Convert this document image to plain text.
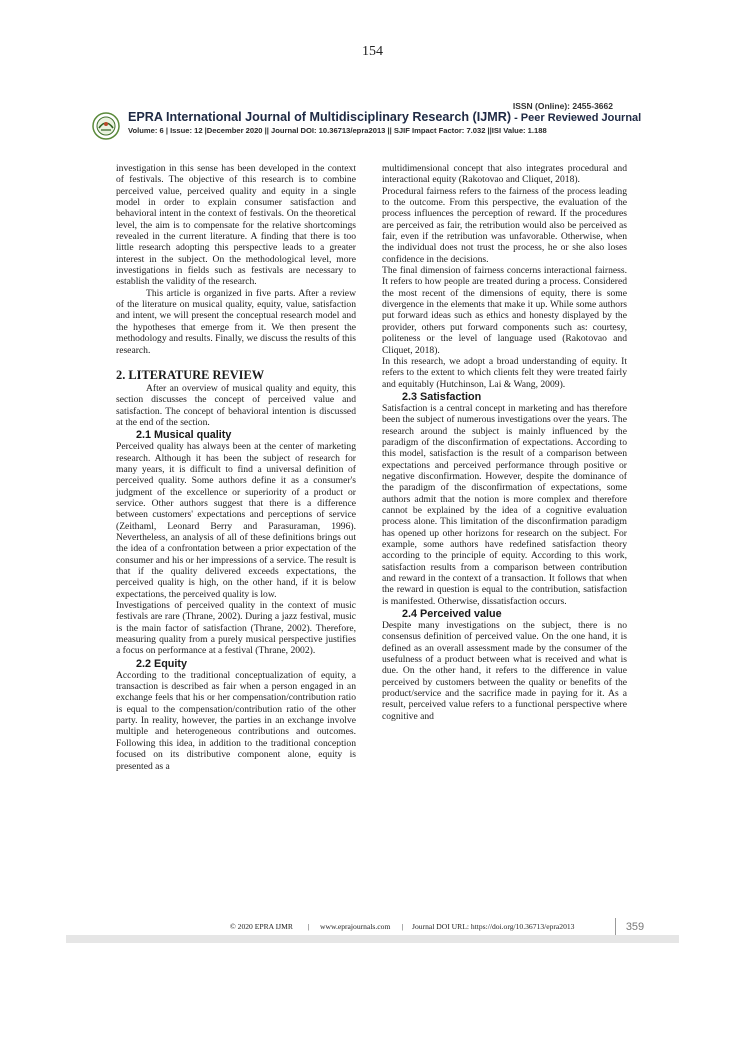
154
ISSN (Online): 2455-3662
EPRA International Journal of Multidisciplinary Research (IJMR) - Peer Reviewed Journal
Volume: 6 | Issue: 12 |December 2020 || Journal DOI: 10.36713/epra2013 || SJIF Impact Factor: 7.032 ||ISI Value: 1.188

investigation in this sense has been developed in the context of festivals. The objective of this research is to combine perceived value, perceived quality and equity in a single model in order to explain consumer satisfaction and behavioral intent in the context of festivals. On the theoretical level, the aim is to compensate for the relative shortcomings revealed in the current literature. A finding that there is too little research adopting this perspective leads to a greater interest in the subject. On the methodological level, more investigations in fields such as festivals are necessary to establish the validity of the research.

This article is organized in five parts. After a review of the literature on musical quality, equity, value, satisfaction and intent, we will present the conceptual research model and the hypotheses that emerge from it. We then present the methodology and results. Finally, we discuss the results of this research.

2. LITERATURE REVIEW

After an overview of musical quality and equity, this section discusses the concept of perceived value and satisfaction. The concept of behavioral intention is discussed at the end of the section.

2.1 Musical quality

Perceived quality has always been at the center of marketing research. Although it has been the subject of research for many years, it is difficult to find a universal definition of perceived quality. Some authors define it as a consumer's judgment of the excellence or superiority of a product or service. Other authors suggest that there is a difference between customers' expectations and perceptions of service (Zeithaml, Leonard Berry and Parasuraman, 1996). Nevertheless, an analysis of all of these definitions brings out the idea of a confrontation between a prior expectation of the consumer and his or her impressions of a service. The result is that if the quality delivered exceeds expectations, the perceived quality is high, on the other hand, if it is below expectations, the perceived quality is low.

Investigations of perceived quality in the context of music festivals are rare (Thrane, 2002). During a jazz festival, music is the main factor of satisfaction (Thrane, 2002). Therefore, measuring quality from a purely musical perspective justifies a focus on performance at a festival (Thrane, 2002).

2.2 Equity

According to the traditional conceptualization of equity, a transaction is described as fair when a person engaged in an exchange feels that his or her compensation/contribution ratio is equal to the compensation/contribution ratio of the other party. In reality, however, the parties in an exchange involve multiple and heterogeneous contributions and outcomes. Following this idea, in addition to the traditional conception focused on its distributive component alone, equity is presented as a

multidimensional concept that also integrates procedural and interactional equity (Rakotovao and Cliquet, 2018).

Procedural fairness refers to the fairness of the process leading to the outcome. From this perspective, the evaluation of the process influences the perception of reward. If the procedures are perceived as fair, the retribution would also be perceived as fair, even if the retribution was unfavorable. Otherwise, when the individual does not trust the process, he or she also loses confidence in the decisions.

The final dimension of fairness concerns interactional fairness. It refers to how people are treated during a process. Considered the most recent of the dimensions of equity, there is some divergence in the elements that make it up. While some authors put forward ideas such as ethics and honesty displayed by the provider, others put forward components such as: courtesy, politeness or the level of language used (Rakotovao and Cliquet, 2018).

In this research, we adopt a broad understanding of equity. It refers to the extent to which clients felt they were treated fairly and equitably (Hutchinson, Lai & Wang, 2009).

2.3 Satisfaction

Satisfaction is a central concept in marketing and has therefore been the subject of numerous investigations over the years. The research around the subject is mainly influenced by the paradigm of the disconfirmation of expectations. According to this model, satisfaction is the result of a comparison between expectations and perceived performance through positive or negative disconfirmation. However, despite the dominance of the paradigm of the disconfirmation of expectations, some authors admit that the notion is more complex and therefore cannot be explained by the idea of a cognitive evaluation process alone. This limitation of the disconfirmation paradigm has opened up other horizons for research on the subject. For example, some authors have redefined satisfaction theory according to the principle of equity. According to this work, satisfaction results from a comparison between contribution and reward in the context of a transaction. It follows that when the reward in question is equal to the contribution, satisfaction is manifested. Otherwise, dissatisfaction occurs.

2.4 Perceived value

Despite many investigations on the subject, there is no consensus definition of perceived value. On the one hand, it is defined as an overall assessment made by the consumer of the usefulness of a product between what is received and what is due. On the other hand, it refers to the difference in value perceived by customers between the quality or benefits of the product/service and the sacrifice made in paying for it. As a result, perceived value refers to a functional perspective where cognitive and

© 2020 EPRA IJMR | www.eprajournals.com | Journal DOI URL: https://doi.org/10.36713/epra2013	359
